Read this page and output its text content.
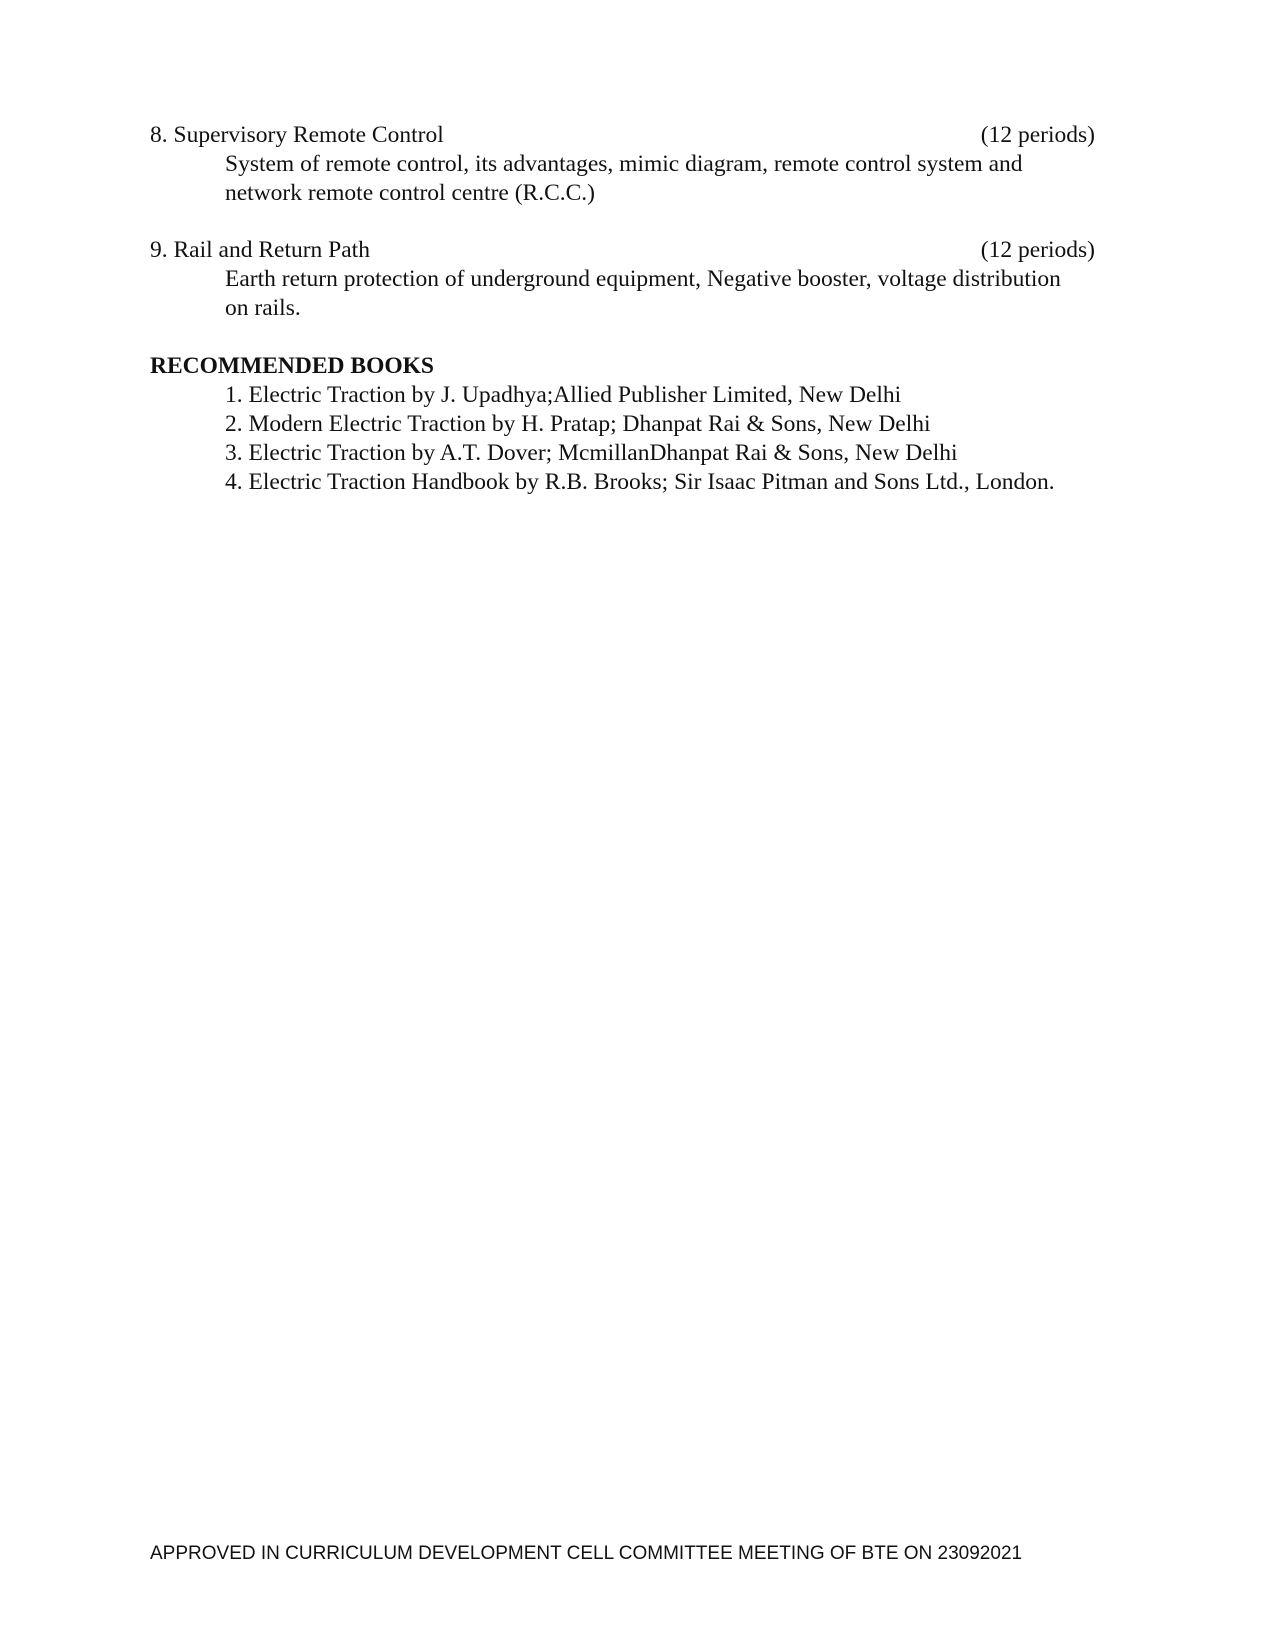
8. Supervisory Remote Control	(12 periods)
System of remote control, its advantages, mimic diagram, remote control system and network remote control centre (R.C.C.)
9. Rail and Return Path	(12 periods)
Earth return protection of underground equipment, Negative booster, voltage distribution on rails.
RECOMMENDED BOOKS
1. Electric Traction by J. Upadhya;Allied Publisher Limited, New Delhi
2. Modern Electric Traction by H. Pratap; Dhanpat Rai & Sons, New Delhi
3. Electric Traction by A.T. Dover; McmillanDhanpat Rai & Sons, New Delhi
4. Electric Traction Handbook by R.B. Brooks; Sir Isaac Pitman and Sons Ltd., London.
APPROVED IN CURRICULUM DEVELOPMENT CELL COMMITTEE MEETING OF BTE ON 23092021
